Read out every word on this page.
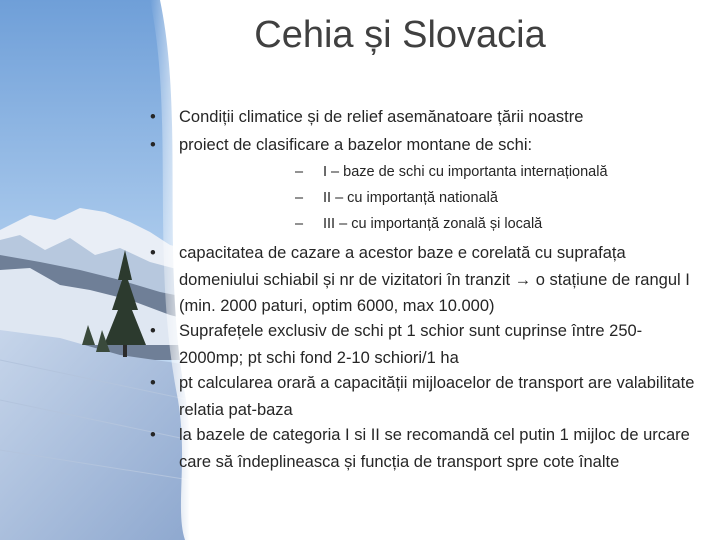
Cehia și Slovacia
•	Condiții climatice și de relief asemănatoare țării noastre
•	proiect de clasificare a bazelor montane de schi:
– I – baze de schi cu importanta internațională
– II – cu importanță natională
– III – cu importanță zonală și locală
•	capacitatea de cazare a acestor baze e corelată cu suprafața domeniului schiabil și nr de vizitatori în tranzit → o stațiune de rangul I (min. 2000 paturi, optim 6000, max 10.000)
•	Suprafețele exclusiv de schi pt 1 schior sunt cuprinse între 250-2000mp; pt schi fond 2-10 schiori/1 ha
•	pt calcularea orară a capacității mijloacelor de transport are valabilitate relatia pat-baza
•	la bazele de categoria I si II se recomandă cel putin 1 mijloc de urcare care să îndeplineasca și funcția de transport spre cote înalte
